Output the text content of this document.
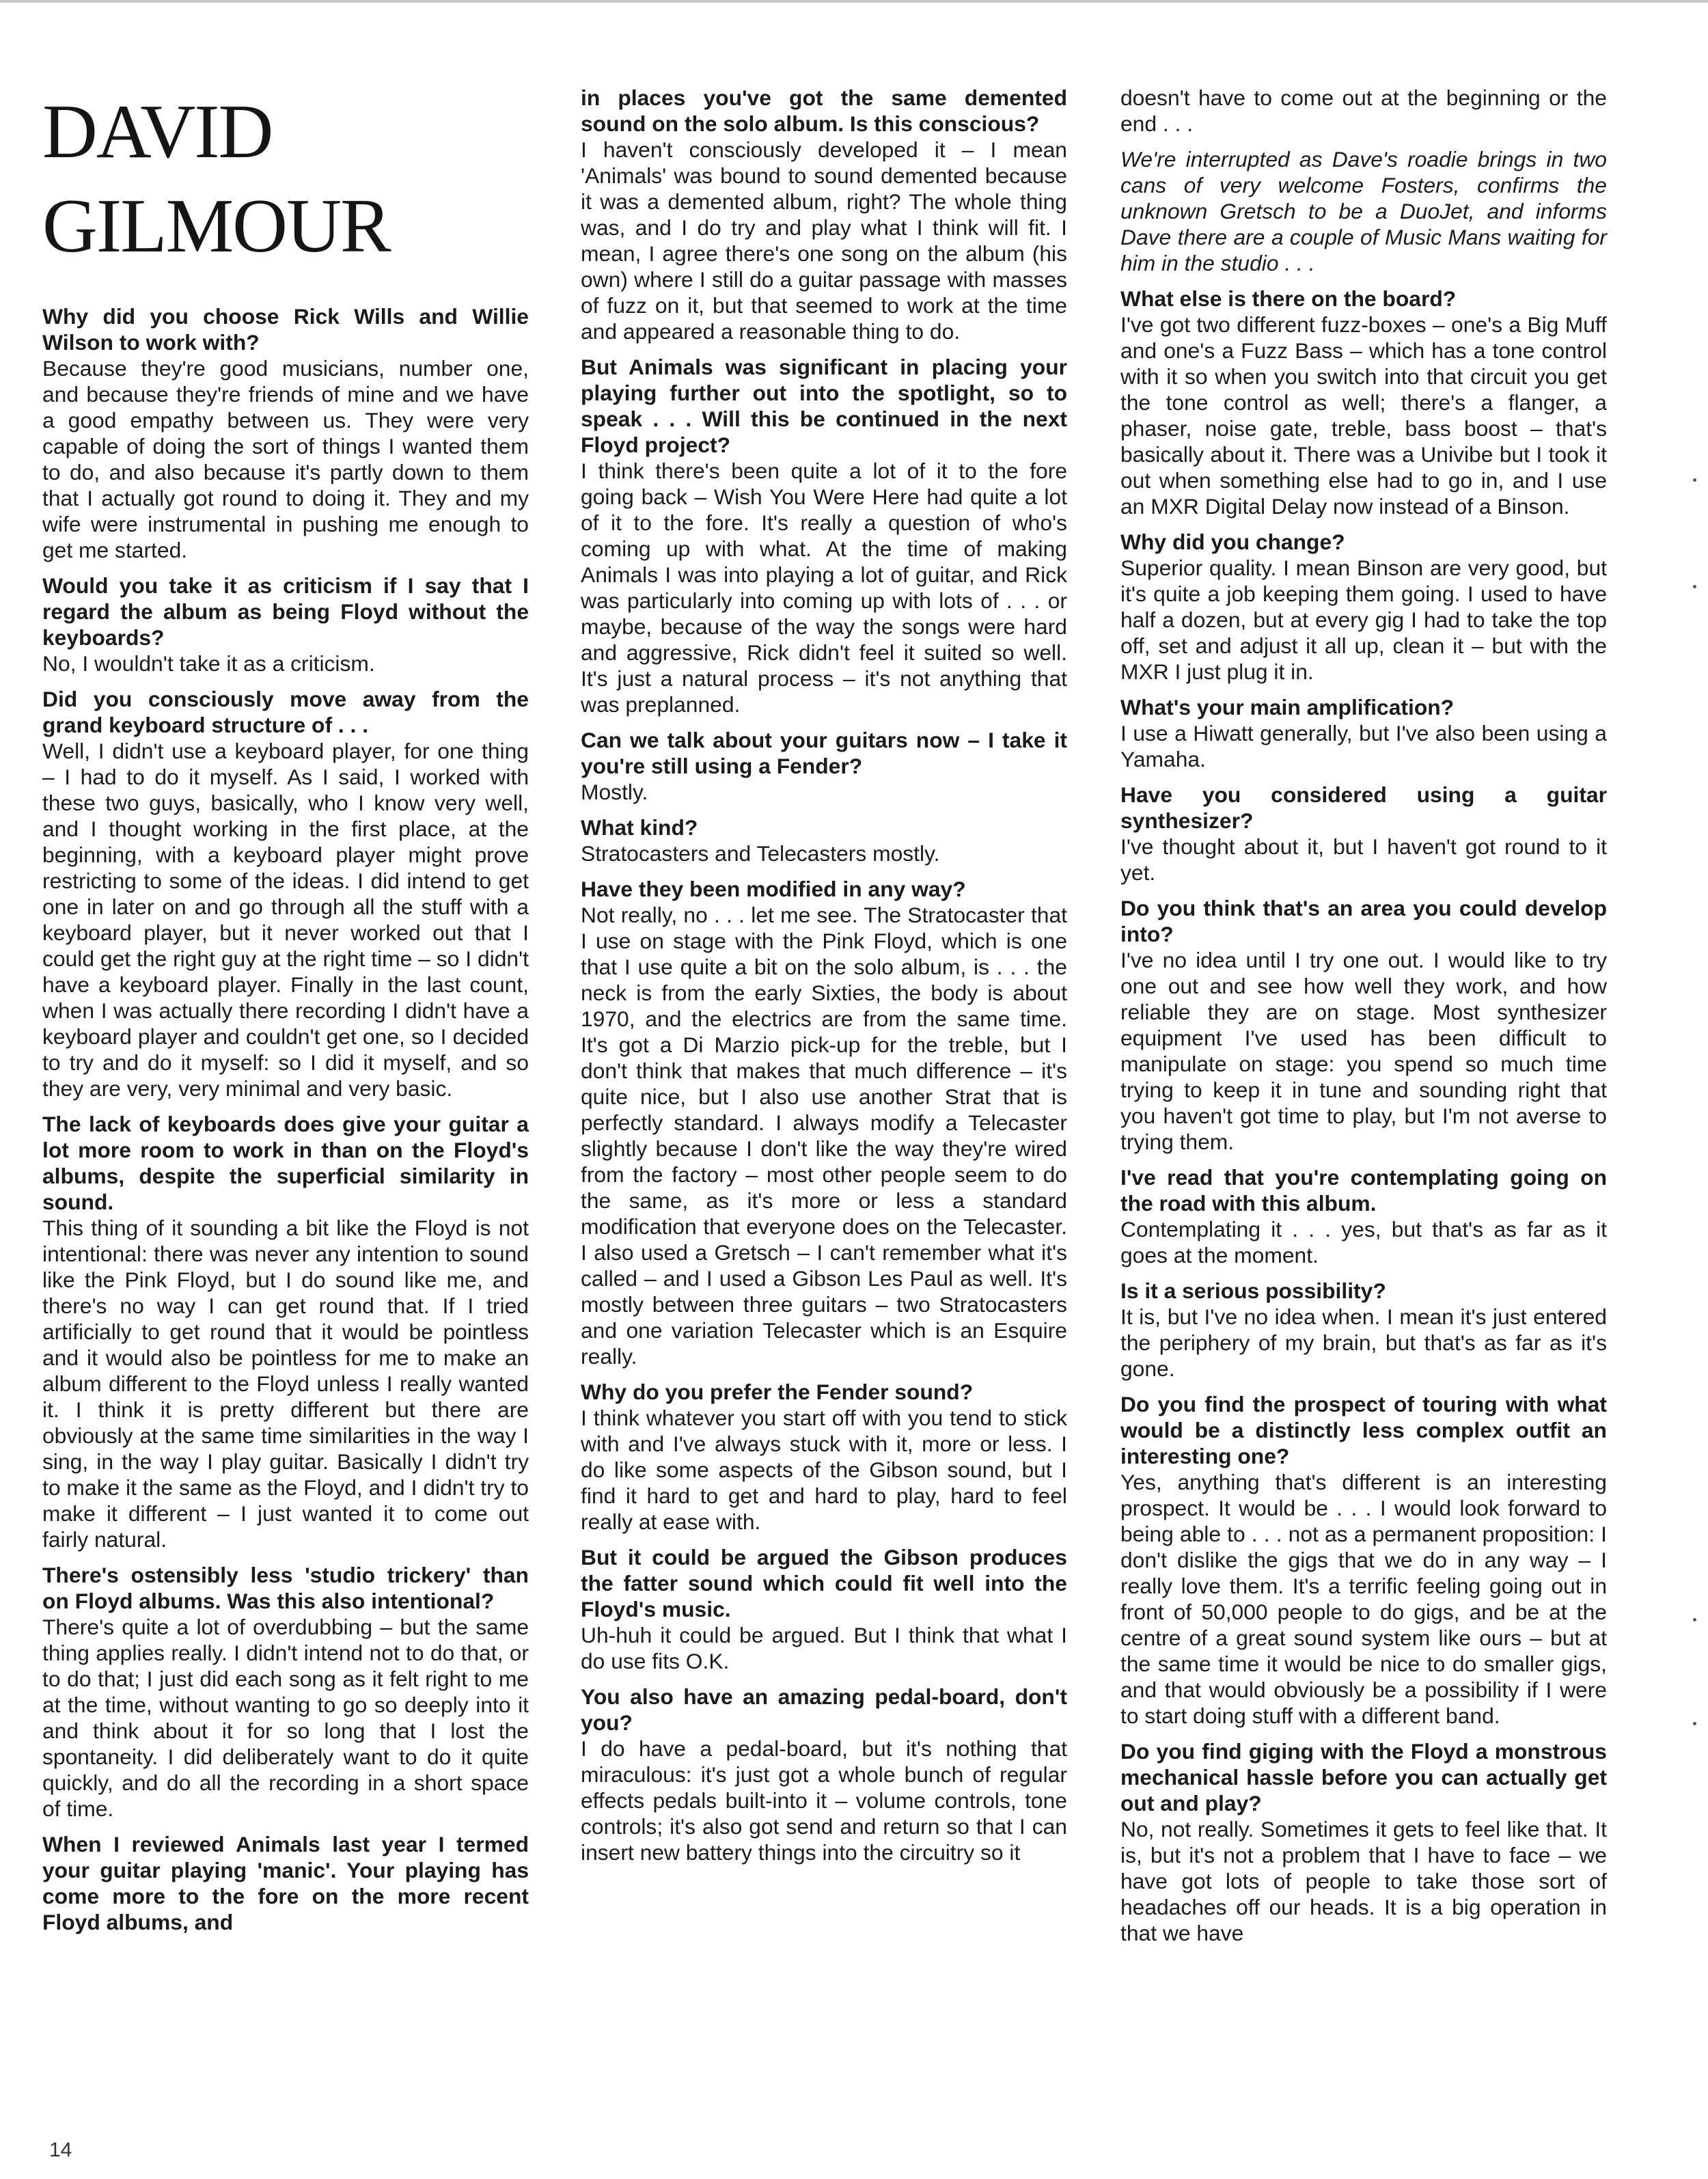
DAVID
GILMOUR

Why did you choose Rick Wills and Willie Wilson to work with?

Because they're good musicians, number one, and because they're friends of mine and we have a good empathy between us. They were very capable of doing the sort of things I wanted them to do, and also because it's partly down to them that I actually got round to doing it. They and my wife were instrumental in pushing me enough to get me started.

Would you take it as criticism if I say that I regard the album as being Floyd without the keyboards?

No, I wouldn't take it as a criticism.

Did you consciously move away from the grand keyboard structure of . . .

Well, I didn't use a keyboard player, for one thing – I had to do it myself. As I said, I worked with these two guys, basically, who I know very well, and I thought working in the first place, at the beginning, with a keyboard player might prove restricting to some of the ideas. I did intend to get one in later on and go through all the stuff with a keyboard player, but it never worked out that I could get the right guy at the right time – so I didn't have a keyboard player. Finally in the last count, when I was actually there recording I didn't have a keyboard player and couldn't get one, so I decided to try and do it myself: so I did it myself, and so they are very, very minimal and very basic.

The lack of keyboards does give your guitar a lot more room to work in than on the Floyd's albums, despite the superficial similarity in sound.

This thing of it sounding a bit like the Floyd is not intentional: there was never any intention to sound like the Pink Floyd, but I do sound like me, and there's no way I can get round that. If I tried artificially to get round that it would be pointless and it would also be pointless for me to make an album different to the Floyd unless I really wanted it. I think it is pretty different but there are obviously at the same time similarities in the way I sing, in the way I play guitar. Basically I didn't try to make it the same as the Floyd, and I didn't try to make it different – I just wanted it to come out fairly natural.

There's ostensibly less 'studio trickery' than on Floyd albums. Was this also intentional?

There's quite a lot of overdubbing – but the same thing applies really. I didn't intend not to do that, or to do that; I just did each song as it felt right to me at the time, without wanting to go so deeply into it and think about it for so long that I lost the spontaneity. I did deliberately want to do it quite quickly, and do all the recording in a short space of time.

When I reviewed Animals last year I termed your guitar playing 'manic'. Your playing has come more to the fore on the more recent Floyd albums, and

in places you've got the same demented sound on the solo album. Is this conscious?

I haven't consciously developed it – I mean 'Animals' was bound to sound demented because it was a demented album, right? The whole thing was, and I do try and play what I think will fit. I mean, I agree there's one song on the album (his own) where I still do a guitar passage with masses of fuzz on it, but that seemed to work at the time and appeared a reasonable thing to do.

But Animals was significant in placing your playing further out into the spotlight, so to speak . . . Will this be continued in the next Floyd project?

I think there's been quite a lot of it to the fore going back – Wish You Were Here had quite a lot of it to the fore. It's really a question of who's coming up with what. At the time of making Animals I was into playing a lot of guitar, and Rick was particularly into coming up with lots of . . . or maybe, because of the way the songs were hard and aggressive, Rick didn't feel it suited so well. It's just a natural process – it's not anything that was preplanned.

Can we talk about your guitars now – I take it you're still using a Fender?

Mostly.

What kind?

Stratocasters and Telecasters mostly.

Have they been modified in any way?

Not really, no . . . let me see. The Stratocaster that I use on stage with the Pink Floyd, which is one that I use quite a bit on the solo album, is . . . the neck is from the early Sixties, the body is about 1970, and the electrics are from the same time. It's got a Di Marzio pick-up for the treble, but I don't think that makes that much difference – it's quite nice, but I also use another Strat that is perfectly standard. I always modify a Telecaster slightly because I don't like the way they're wired from the factory – most other people seem to do the same, as it's more or less a standard modification that everyone does on the Telecaster. I also used a Gretsch – I can't remember what it's called – and I used a Gibson Les Paul as well. It's mostly between three guitars – two Stratocasters and one variation Telecaster which is an Esquire really.

Why do you prefer the Fender sound?

I think whatever you start off with you tend to stick with and I've always stuck with it, more or less. I do like some aspects of the Gibson sound, but I find it hard to get and hard to play, hard to feel really at ease with.

But it could be argued the Gibson produces the fatter sound which could fit well into the Floyd's music.

Uh-huh it could be argued. But I think that what I do use fits O.K.

You also have an amazing pedal-board, don't you?

I do have a pedal-board, but it's nothing that miraculous: it's just got a whole bunch of regular effects pedals built-into it – volume controls, tone controls; it's also got send and return so that I can insert new battery things into the circuitry so it

doesn't have to come out at the beginning or the end . . .

We're interrupted as Dave's roadie brings in two cans of very welcome Fosters, confirms the unknown Gretsch to be a DuoJet, and informs Dave there are a couple of Music Mans waiting for him in the studio . . .

What else is there on the board?

I've got two different fuzz-boxes – one's a Big Muff and one's a Fuzz Bass – which has a tone control with it so when you switch into that circuit you get the tone control as well; there's a flanger, a phaser, noise gate, treble, bass boost – that's basically about it. There was a Univibe but I took it out when something else had to go in, and I use an MXR Digital Delay now instead of a Binson.

Why did you change?

Superior quality. I mean Binson are very good, but it's quite a job keeping them going. I used to have half a dozen, but at every gig I had to take the top off, set and adjust it all up, clean it – but with the MXR I just plug it in.

What's your main amplification?

I use a Hiwatt generally, but I've also been using a Yamaha.

Have you considered using a guitar synthesizer?

I've thought about it, but I haven't got round to it yet.

Do you think that's an area you could develop into?

I've no idea until I try one out. I would like to try one out and see how well they work, and how reliable they are on stage. Most synthesizer equipment I've used has been difficult to manipulate on stage: you spend so much time trying to keep it in tune and sounding right that you haven't got time to play, but I'm not averse to trying them.

I've read that you're contemplating going on the road with this album.

Contemplating it . . . yes, but that's as far as it goes at the moment.

Is it a serious possibility?

It is, but I've no idea when. I mean it's just entered the periphery of my brain, but that's as far as it's gone.

Do you find the prospect of touring with what would be a distinctly less complex outfit an interesting one?

Yes, anything that's different is an interesting prospect. It would be . . . I would look forward to being able to . . . not as a permanent proposition: I don't dislike the gigs that we do in any way – I really love them. It's a terrific feeling going out in front of 50,000 people to do gigs, and be at the centre of a great sound system like ours – but at the same time it would be nice to do smaller gigs, and that would obviously be a possibility if I were to start doing stuff with a different band.

Do you find giging with the Floyd a monstrous mechanical hassle before you can actually get out and play?

No, not really. Sometimes it gets to feel like that. It is, but it's not a problem that I have to face – we have got lots of people to take those sort of headaches off our heads. It is a big operation in that we have

14
